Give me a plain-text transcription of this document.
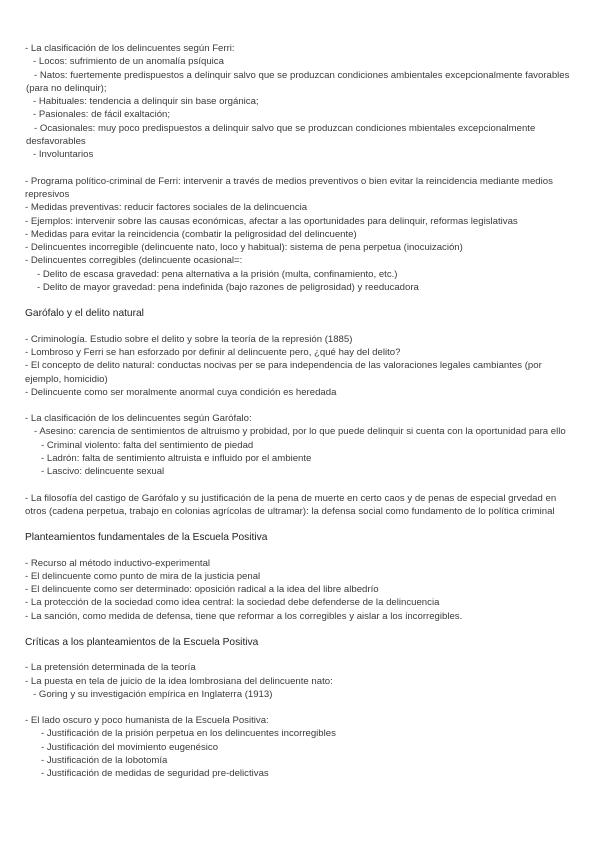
- La clasificación de los delincuentes según Ferri:

- Locos: sufrimiento de un anomalía psíquica

- Natos: fuertemente predispuestos a delinquir salvo que se produzcan condiciones ambientales excepcionalmente favorables (para no delinquir);

- Habituales: tendencia a delinquir sin base orgánica;

- Pasionales: de fácil exaltación;

- Ocasionales: muy poco predispuestos a delinquir salvo que se produzcan condiciones mbientales excepcionalmente desfavorables

- Involuntarios

- Programa político-criminal de Ferri: intervenir a través de medios preventivos o bien evitar la reincidencia mediante medios represivos

- Medidas preventivas: reducir factores sociales de la delincuencia

- Ejemplos: intervenir sobre las causas económicas, afectar a las oportunidades para delinquir, reformas legislativas

- Medidas para evitar la reincidencia (combatir la peligrosidad del delincuente)

- Delincuentes incorregible (delincuente nato, loco y habitual): sistema de pena perpetua (inocuización)

- Delincuentes corregibles (delincuente ocasional=:

- Delito de escasa gravedad: pena alternativa a la prisión (multa, confinamiento, etc.)

- Delito de mayor gravedad: pena indefinida (bajo razones de peligrosidad) y reeducadora

Garófalo y el delito natural

- Criminología. Estudio sobre el delito y sobre la teoría de la represión (1885)

- Lombroso y Ferri se han esforzado por definir al delincuente pero, ¿qué hay del delito?

- El concepto de delito natural: conductas nocivas per se para independencia de las valoraciones legales cambiantes (por ejemplo, homicidio)

- Delincuente como ser moralmente anormal cuya condición es heredada

- La clasificación de los delincuentes según Garófalo:

- Asesino: carencia de sentimientos de altruismo y probidad, por lo que puede delinquir si cuenta con la oportunidad para ello

- Criminal violento: falta del sentimiento de piedad

- Ladrón: falta de sentimiento altruista e influido por el ambiente

- Lascivo: delincuente sexual

- La filosofía del castigo de Garófalo y su justificación de la pena de muerte en certo caos y de penas de especial grvedad en otros (cadena perpetua, trabajo en colonias agrícolas de ultramar): la defensa social como fundamento de lo política criminal

Planteamientos fundamentales de la Escuela Positiva

- Recurso al método inductivo-experimental

- El delincuente como punto de mira de la justicia penal

- El delincuente como ser determinado: oposición radical a la idea del libre albedrío

- La protección de la sociedad como idea central: la sociedad debe defenderse de la delincuencia

- La sanción, como medida de defensa, tiene que reformar a los corregibles y aislar a los incorregibles.

Críticas a los planteamientos de la Escuela Positiva

- La pretensión determinada de la teoría

- La puesta en tela de juicio de la idea lombrosiana del delincuente nato:

- Goring y su investigación empírica en Inglaterra (1913)

- El lado oscuro y poco humanista de la Escuela Positiva:

- Justificación de la prisión perpetua en los delincuentes incorregibles

- Justificación del movimiento eugenésico

- Justificación de la lobotomía

- Justificación de medidas de seguridad pre-delictivas
